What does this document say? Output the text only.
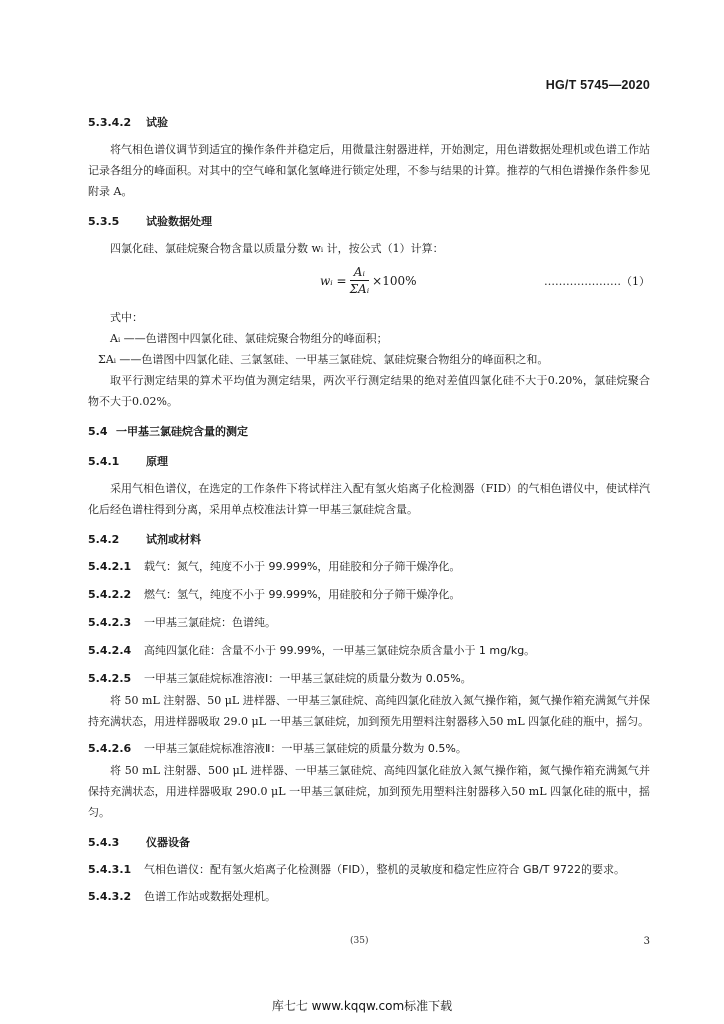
HG/T 5745—2020
5.3.4.2 试验

将气相色谱仪调节到适宜的操作条件并稳定后，用微量注射器进样，开始测定，用色谱数据处理机或色谱工作站记录各组分的峰面积。对其中的空气峰和氯化氢峰进行锁定处理，不参与结果的计算。推荐的气相色谱操作条件参见附录 A。

5.3.5 试验数据处理

四氯化硅、氯硅烷聚合物含量以质量分数 wᵢ 计，按公式（1）计算：

wᵢ = $\frac{\text{Aᵢ}}{\text{ΣAᵢ}} \times 100\%$	…………………（1）

式中：

Aᵢ ——色谱图中四氯化硅、氯硅烷聚合物组分的峰面积；
ΣAᵢ ——色谱图中四氯化硅、三氯氢硅、一甲基三氯硅烷、氯硅烷聚合物组分的峰面积之和。

取平行测定结果的算术平均值为测定结果，两次平行测定结果的绝对差值四氯化硅不大于0.20%，氯硅烷聚合物不大于0.02%。

5.4 一甲基三氯硅烷含量的测定
5.4.1 原理

采用气相色谱仪，在选定的工作条件下将试样注入配有氢火焰离子化检测器（FID）的气相色谱仪中，使试样汽化后经色谱柱得到分离，采用单点校准法计算一甲基三氯硅烷含量。

5.4.2 试剂或材料
5.4.2.1 载气：氮气，纯度不小于 99.999%，用硅胶和分子筛干燥净化。
5.4.2.2 燃气：氢气，纯度不小于 99.999%，用硅胶和分子筛干燥净化。
5.4.2.3 一甲基三氯硅烷：色谱纯。
5.4.2.4 高纯四氯化硅：含量不小于 99.99%，一甲基三氯硅烷杂质含量小于 1 mg/kg。
5.4.2.5 一甲基三氯硅烷标准溶液Ⅰ：一甲基三氯硅烷的质量分数为 0.05%。

将 50 mL 注射器、50 μL 进样器、一甲基三氯硅烷、高纯四氯化硅放入氮气操作箱，氮气操作箱充满氮气并保持充满状态，用进样器吸取 29.0 μL 一甲基三氯硅烷，加到预先用塑料注射器移入50 mL 四氯化硅的瓶中，摇匀。

5.4.2.6 一甲基三氯硅烷标准溶液Ⅱ：一甲基三氯硅烷的质量分数为 0.5%。

将 50 mL 注射器、500 μL 进样器、一甲基三氯硅烷、高纯四氯化硅放入氮气操作箱，氮气操作箱充满氮气并保持充满状态，用进样器吸取 290.0 μL 一甲基三氯硅烷，加到预先用塑料注射器移入50 mL 四氯化硅的瓶中，摇匀。

5.4.3 仪器设备
5.4.3.1 气相色谱仪：配有氢火焰离子化检测器（FID），整机的灵敏度和稳定性应符合 GB/T 9722的要求。
5.4.3.2 色谱工作站或数据处理机。
(35)	3
库七七 www.kqqw.com标准下载
